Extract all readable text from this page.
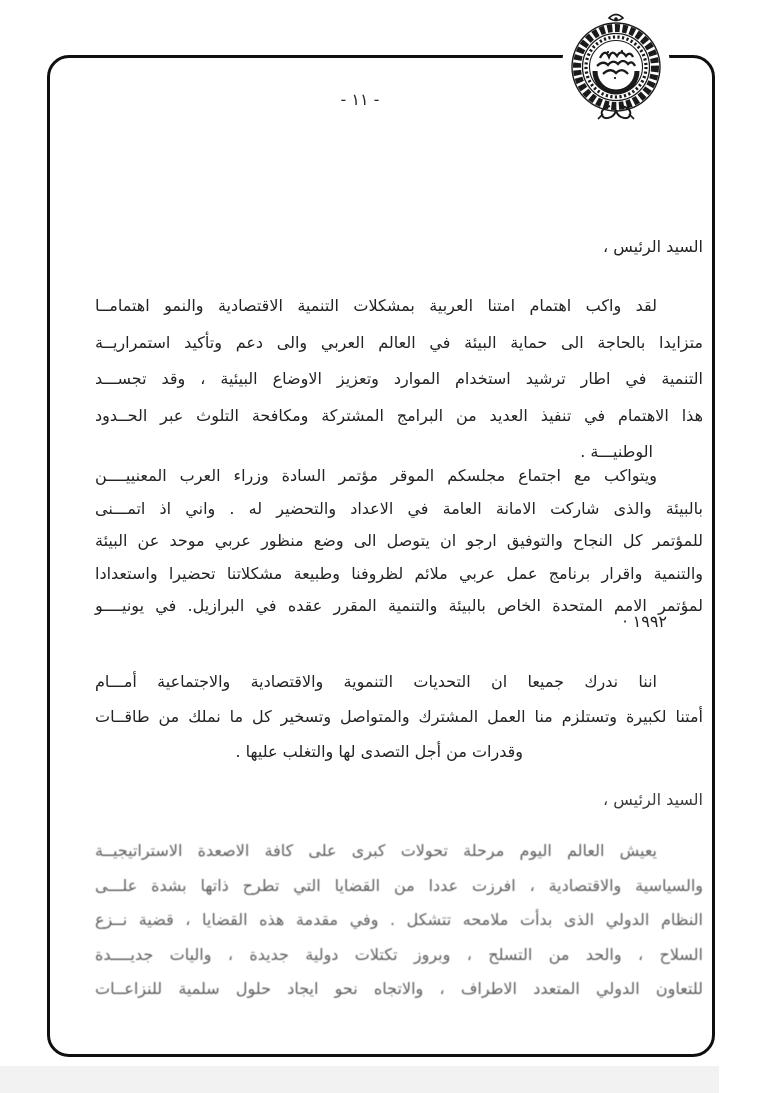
- ١١ -
السيد الرئيس ،
لقد واكب اهتمام امتنا العربية بمشكلات التنمية الاقتصادية والنمو اهتمامــا
متزايدا بالحاجة الى حماية البيئة في العالم العربي والى دعم وتأكيد استمراريــة
التنمية في اطار ترشيد استخدام الموارد وتعزيز الاوضاع البيئية ، وقد تجســـد
هذا الاهتمام في تنفيذ العديد من البرامج المشتركة ومكافحة التلوث عبر الحــدود
الوطنيـــة .
ويتواكب مع اجتماع مجلسكم الموقر مؤتمر السادة وزراء العرب المعنييــــن
بالبيئة والذى شاركت الامانة العامة في الاعداد والتحضير له . واني اذ اتمـــنى
للمؤتمر كل النجاح والتوفيق ارجو ان يتوصل الى وضع منظور عربي موحد عن البيئة
والتنمية واقرار برنامج عمل عربي ملائم لظروفنا وطبيعة مشكلاتنا تحضيرا واستعدادا
لمؤتمر الامم المتحدة الخاص بالبيئة والتنمية المقرر عقده في البرازيل. في يونيــــو
١٩٩٢ ·
اننا ندرك جميعا ان التحديات التنموية والاقتصادية والاجتماعية أمـــام
أمتنا لكبيرة وتستلزم منا العمل المشترك والمتواصل وتسخير كل ما نملك من طاقــات
وقدرات من أجل التصدى لها والتغلب عليها .
السيد الرئيس ،
يعيش العالم اليوم مرحلة تحولات كبرى على كافة الاصعدة الاستراتيجيــة
والسياسية والاقتصادية ، افرزت عددا من القضايا التي تطرح ذاتها بشدة علـــى
النظام الدولي الذى بدأت ملامحه تتشكل . وفي مقدمة هذه القضايا ، قضية نــزع
السلاح ، والحد من التسلح ، وبروز تكتلات دولية جديدة ، واليات جديــــدة
للتعاون الدولي المتعدد الاطراف ، والاتجاه نحو ايجاد حلول سلمية للنزاعــات
